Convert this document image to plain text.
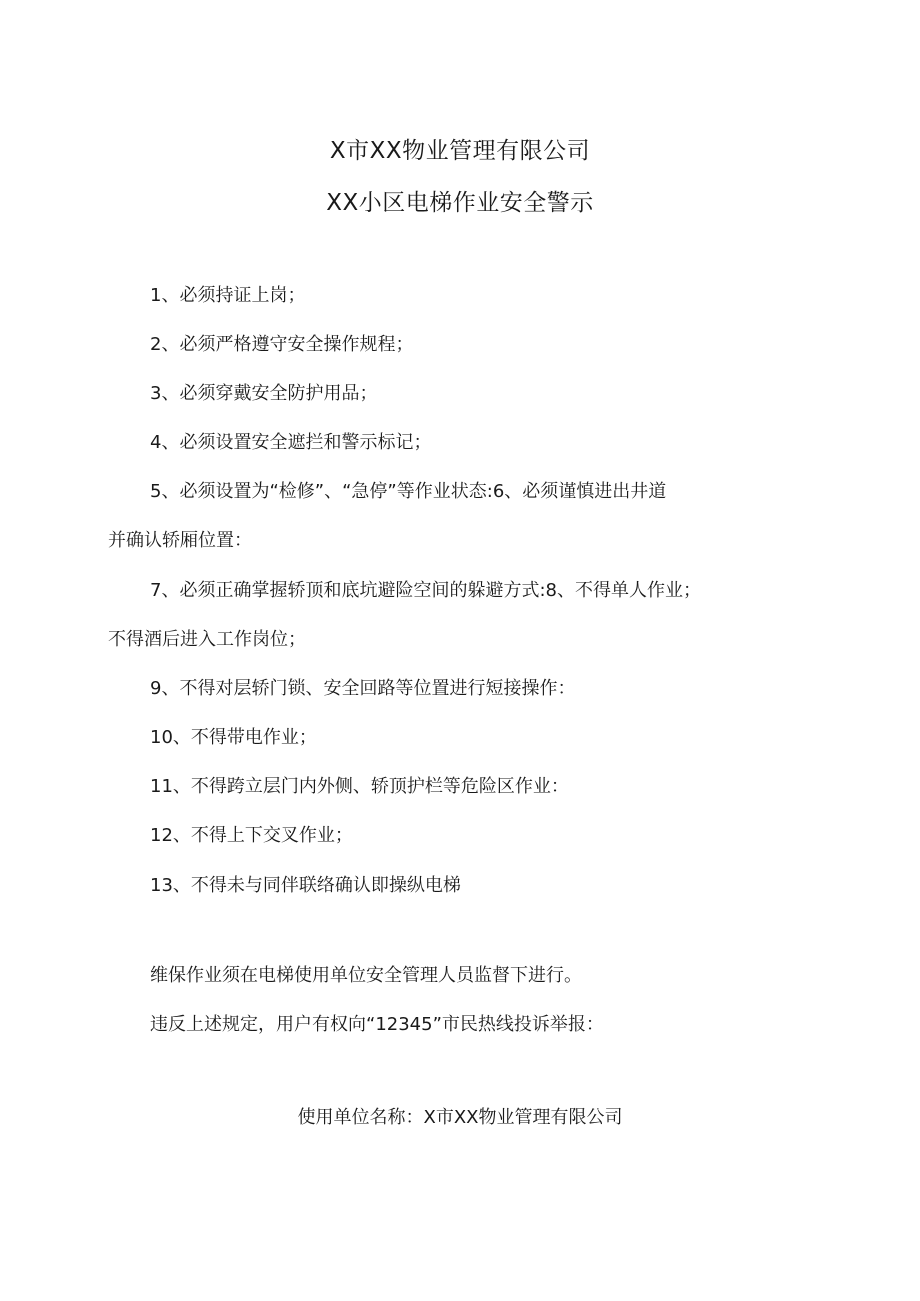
X市XX物业管理有限公司
XX小区电梯作业安全警示
1、必须持证上岗；
2、必须严格遵守安全操作规程；
3、必须穿戴安全防护用品；
4、必须设置安全遮拦和警示标记；
5、必须设置为“检修”、“急停”等作业状态:6、必须谨慎进出井道
并确认轿厢位置：
7、必须正确掌握轿顶和底坑避险空间的躲避方式:8、不得单人作业；
不得酒后进入工作岗位；
9、不得对层轿门锁、安全回路等位置进行短接操作：
10、不得带电作业；
11、不得跨立层门内外侧、轿顶护栏等危险区作业：
12、不得上下交叉作业；
13、不得未与同伴联络确认即操纵电梯
维保作业须在电梯使用单位安全管理人员监督下进行。
违反上述规定，用户有权向“12345”市民热线投诉举报：
使用单位名称：X市XX物业管理有限公司
